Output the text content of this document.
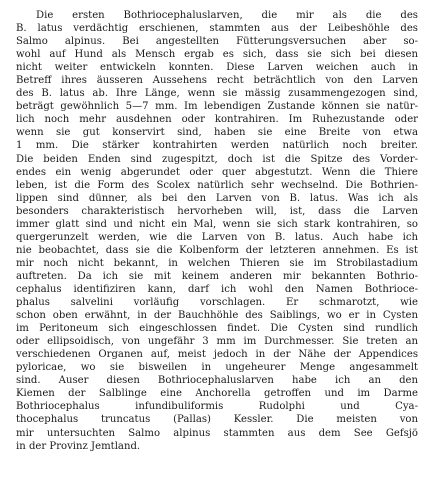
Die ersten Bothriocephaluslarven, die mir als die des
B. latus verdächtig erschienen, stammten aus der Leibeshöhle des
Salmo alpinus. Bei angestellten Fütterungsversuchen aber so-
wohl auf Hund als Mensch ergab es sich, dass sie sich bei diesen
nicht weiter entwickeln konnten. Diese Larven weichen auch in
Betreff ihres äusseren Aussehens recht beträchtlich von den Larven
des B. latus ab. Ihre Länge, wenn sie mässig zusammengezogen sind,
beträgt gewöhnlich 5—7 mm. Im lebendigen Zustande können sie natür-
lich noch mehr ausdehnen oder kontrahiren. Im Ruhezustande oder
wenn sie gut konservirt sind, haben sie eine Breite von etwa
1 mm. Die stärker kontrahirten werden natürlich noch breiter.
Die beiden Enden sind zugespitzt, doch ist die Spitze des Vorder-
endes ein wenig abgerundet oder quer abgestutzt. Wenn die Thiere
leben, ist die Form des Scolex natürlich sehr wechselnd. Die Bothrien-
lippen sind dünner, als bei den Larven von B. latus. Was ich als
besonders charakteristisch hervorheben will, ist, dass die Larven
immer glatt sind und nicht ein Mal, wenn sie sich stark kontrahiren, so
quergerunzelt werden, wie die Larven von B. latus. Auch habe ich
nie beobachtet, dass sie die Kolbenform der letzteren annehmen. Es ist
mir noch nicht bekannt, in welchen Thieren sie im Strobilastadium
auftreten. Da ich sie mit keinem anderen mir bekannten Bothrio-
cephalus identifiziren kann, darf ich wohl den Namen Bothrioce-
phalus salvelini vorläufig vorschlagen. Er schmarotzt, wie
schon oben erwähnt, in der Bauchhöhle des Saiblings, wo er in Cysten
im Peritoneum sich eingeschlossen findet. Die Cysten sind rundlich
oder ellipsoidisch, von ungefähr 3 mm im Durchmesser. Sie treten an
verschiedenen Organen auf, meist jedoch in der Nähe der Appendices
pyloricae, wo sie bisweilen in ungeheurer Menge angesammelt
sind. Auser diesen Bothriocephaluslarven habe ich an den
Kiemen der Salblinge eine Anchorella getroffen und im Darme
Bothriocephalus infundibuliformis Rudolphi und Cya-
thocephalus truncatus (Pallas) Kessler. Die meisten von
mir untersuchten Salmo alpinus stammten aus dem See Gefsjö
in der Provinz Jemtland.
